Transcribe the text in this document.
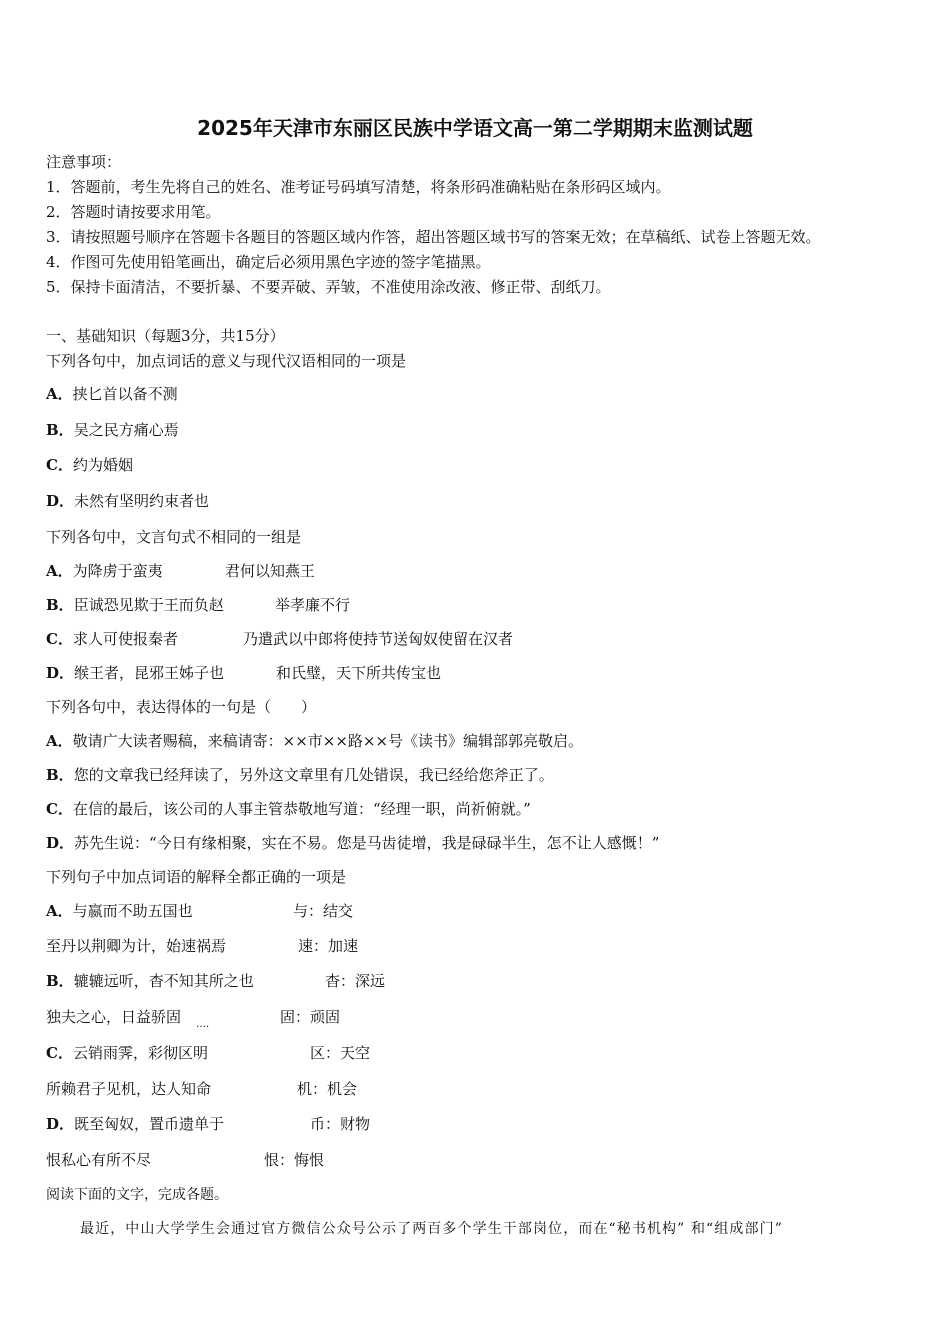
2025年天津市东丽区民族中学语文高一第二学期期末监测试题
注意事项：
1．答题前，考生先将自己的姓名、准考证号码填写清楚，将条形码准确粘贴在条形码区域内。
2．答题时请按要求用笔。
3．请按照题号顺序在答题卡各题目的答题区域内作答，超出答题区域书写的答案无效；在草稿纸、试卷上答题无效。
4．作图可先使用铅笔画出，确定后必须用黑色字迹的签字笔描黑。
5．保持卡面清洁，不要折暴、不要弄破、弄皱，不准使用涂改液、修正带、刮纸刀。
一、基础知识（每题3分，共15分）
下列各句中，加点词话的意义与现代汉语相同的一项是
A．挟匕首以备不测
B．吴之民方痛心焉
C．约为婚姻
D．未然有坚明约束者也
下列各句中，文言句式不相同的一组是
A．为降虏于蛮夷	君何以知燕王
B．臣诚恐见欺于王而负赵	举孝廉不行
C．求人可使报秦者	乃遣武以中郎将使持节送匈奴使留在汉者
D．缑王者，昆邪王姊子也	和氏璧，天下所共传宝也
下列各句中，表达得体的一句是（　　）
A．敬请广大读者赐稿，来稿请寄：××市××路××号《读书》编辑部郭亮敬启。
B．您的文章我已经拜读了，另外这文章里有几处错误，我已经给您斧正了。
C．在信的最后，该公司的人事主管恭敬地写道：“经理一职，尚祈俯就。”
D．苏先生说：“今日有缘相聚，实在不易。您是马齿徒增，我是碌碌半生，怎不让人感慨！”
下列句子中加点词语的解释全都正确的一项是
A．与嬴而不助五国也	与：结交
至丹以荆卿为计，始速祸焉	速：加速
B．辘辘远听，杳不知其所之也	杳：深远
独夫之心，日益骄固 ….	固：顽固
C．云销雨霁，彩彻区明	区：天空
所赖君子见机，达人知命	机：机会
D．既至匈奴，置币遗单于	币：财物
恨私心有所不尽	恨：悔恨
阅读下面的文字，完成各题。
最近，中山大学学生会通过官方微信公众号公示了两百多个学生干部岗位，而在“秘书机构” 和“组成部门”
